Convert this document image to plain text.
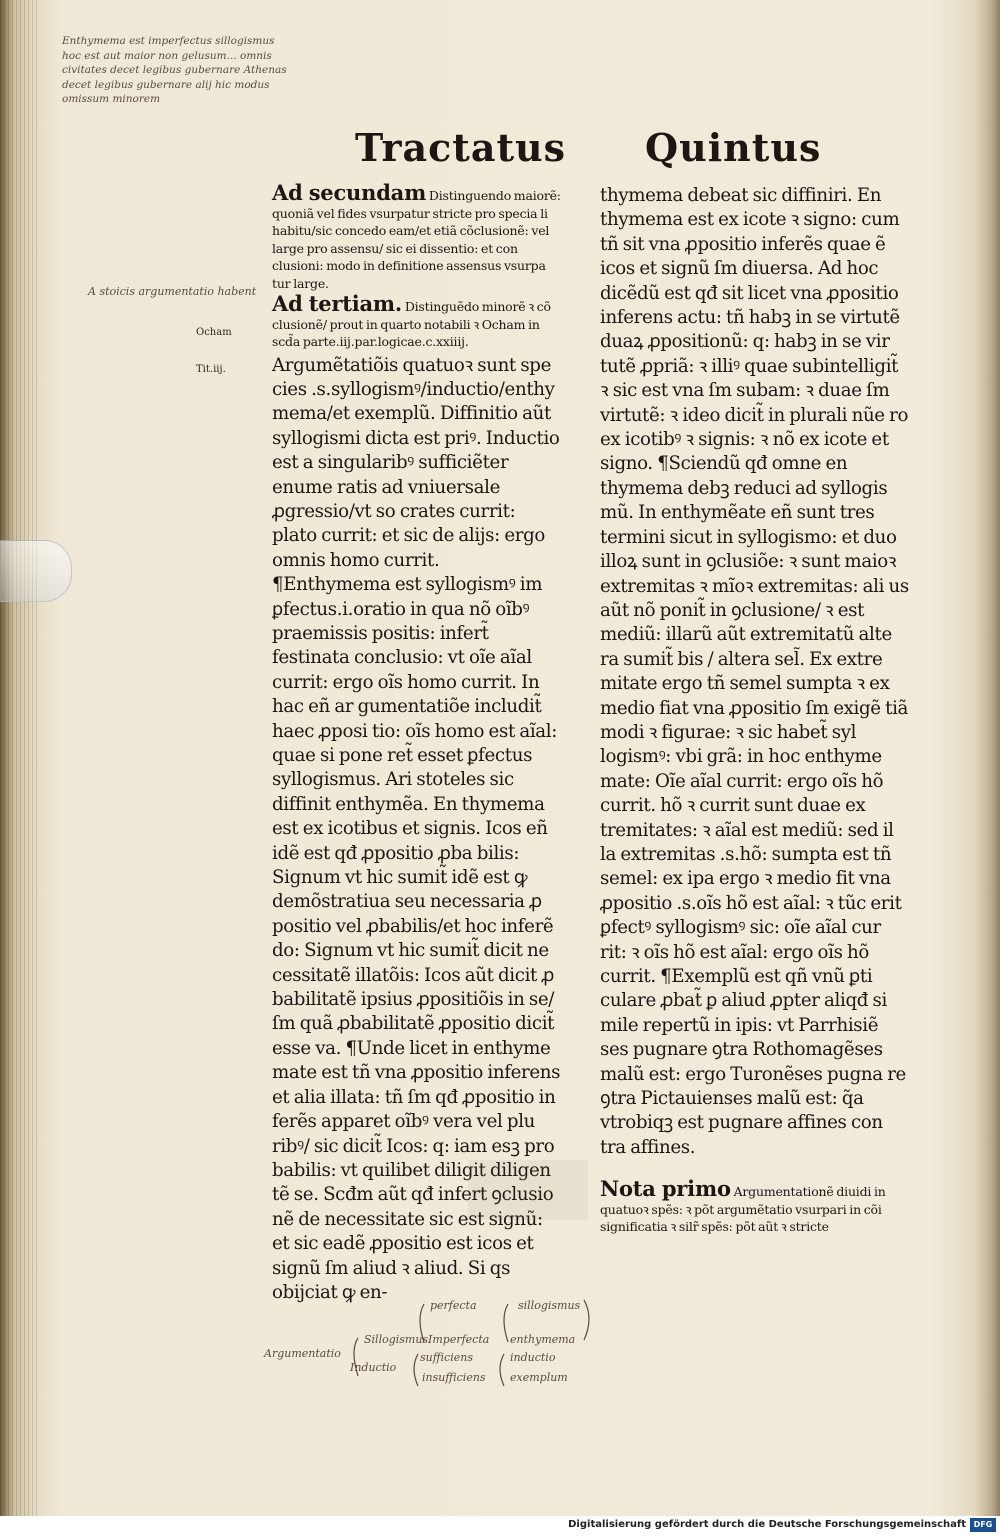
Enthymema est imperfectus sillogismus hoc est aut maior non gelusum... omnis civitates decet legibus gubernare Athenas decet legibus gubernare alij hic modus omissum minorem
A stoicis argumentatio habent
Ocham
Tit.iij.
Tractatus Quintus

Ad secundam Distinguendo maiorẽ: quoniã vel fides vsurpatur stricte pro specia li habitu/sic concedo eam/et etiã cõclusionẽ: vel large pro assensu/ sic ei dissentio: et con clusioni: modo in definitione assensus vsurpa tur large.

Ad tertiam. Distinguẽdo minorẽ ꝛ cõ clusionẽ/ prout in quarto notabili ꝛ Ocham in scd̃a parte.iij.par.logicae.c.xxiiij.

Argumẽtatiõis quatuoꝛ sunt spe cies .s.syllogismꝰ/inductio/enthy mema/et exemplũ. Diffinitio aũt syllogismi dicta est priꝰ. Inductio est a singularibꝰ sufficiẽter enume ratis ad vniuersale ꝓgressio/vt so crates currit: plato currit: et sic de alijs: ergo omnis homo currit.

¶Enthymema est syllogismꝰ im ꝑfectus.i.oratio in qua nõ oĩbꝰ praemissis positis: infert̃ festinata conclusio: vt oĩe aĩal currit: ergo oĩs homo currit. In hac eñ ar gumentatiõe includit̃ haec ꝓposi tio: oĩs homo est aĩal: quae si pone ret̃ esset ꝑfectus syllogismus. Ari stoteles sic diffinit enthymẽa. En thymema est ex icotibus et signis. Icos eñ idẽ est qđ ꝓpositio ꝓba bilis: Signum vt hic sumit̃ idẽ est ꝙ demõstratiua seu necessaria ꝓ positio vel ꝓbabilis/et hoc inferẽ do: Signum vt hic sumit̃ dicit ne cessitatẽ illatõis: Icos aũt dicit ꝓ babilitatẽ ipsius ꝓpositiõis in se/ ſm quã ꝓbabilitatẽ ꝓpositio dicit̃ esse va. ¶Unde licet in enthyme mate est tñ vna ꝓpositio inferens et alia illata: tñ ſm qđ ꝓpositio in ferẽs apparet oĩbꝰ vera vel plu ribꝰ/ sic dicit̃ Icos: q: iam esꝫ pro babilis: vt quilibet diligit diligen tẽ se. Scđm aũt qđ infert ꝯclusio nẽ de necessitate sic est signũ: et sic eadẽ ꝓpositio est icos et signũ ſm aliud ꝛ aliud. Si qs obijciat ꝙ en-

thymema debeat sic diffiniri. En thymema est ex icote ꝛ signo: cum tñ sit vna ꝓpositio inferẽs quae ẽ icos et signũ ſm diuersa. Ad hoc dicẽdũ est qđ sit licet vna ꝓpositio inferens actu: tñ habꝫ in se virtutẽ duaꝝ ꝓpositionũ: q: habꝫ in se vir tutẽ ꝓpriã: ꝛ illiꝰ quae subintelligit̃ ꝛ sic est vna ſm subam: ꝛ duae ſm virtutẽ: ꝛ ideo dicit̃ in plurali nũe ro ex icotibꝰ ꝛ signis: ꝛ nõ ex icote et signo. ¶Sciendũ qđ omne en thymema debꝫ reduci ad syllogis mũ. In enthymẽate eñ sunt tres termini sicut in syllogismo: et duo illoꝝ sunt in ꝯclusiõe: ꝛ sunt maioꝛ extremitas ꝛ mĩoꝛ extremitas: ali us aũt nõ ponit̃ in ꝯclusione/ ꝛ est mediũ: illarũ aũt extremitatũ alte ra sumit̃ bis / altera sel̃. Ex extre mitate ergo tñ semel sumpta ꝛ ex medio fiat vna ꝓpositio ſm exigẽ tiã modi ꝛ figurae: ꝛ sic habet̃ syl logismꝰ: vbi grã: in hoc enthyme mate: Oĩe aĩal currit: ergo oĩs hõ currit. hõ ꝛ currit sunt duae ex tremitates: ꝛ aĩal est mediũ: sed il la extremitas .s.hõ: sumpta est tñ semel: ex ipa ergo ꝛ medio fit vna ꝓpositio .s.oĩs hõ est aĩal: ꝛ tũc erit ꝑfectꝰ syllogismꝰ sic: oĩe aĩal cur rit: ꝛ oĩs hõ est aĩal: ergo oĩs hõ currit. ¶Exemplũ est qñ vnũ ꝑti culare ꝓbat̃ ꝑ aliud ꝓpter aliqđ si mile repertũ in ipis: vt Parrhisiẽ ses pugnare ꝯtra Rothomagẽses malũ est: ergo Turonẽses pugna re ꝯtra Pictauienses malũ est: q̃a vtrobiqꝫ est pugnare affines con tra affines.

Nota primo Argumentationẽ diuidi in quatuoꝛ spẽs: ꝛ põt argumẽtatio vsurpari in cõi significatia ꝛ silr̃ spẽs: põt aũt ꝛ stricte

Argumentatio
Sillogismus
Inductio
perfecta
Imperfecta
sufficiens
insufficiens
sillogismus
enthymema
inductio
exemplum
Digitalisierung gefördert durch die Deutsche Forschungsgemeinschaft DFG
